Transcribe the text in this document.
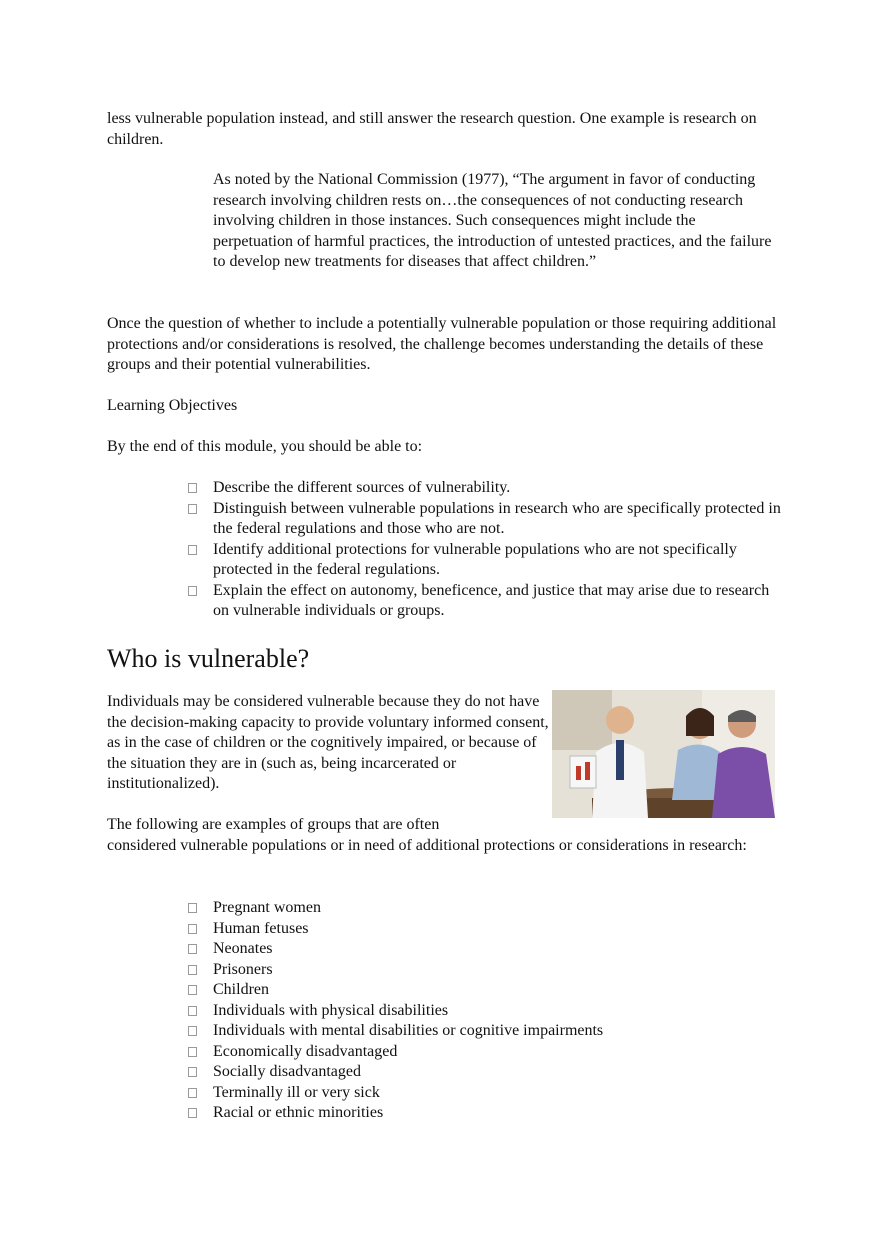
less vulnerable population instead, and still answer the research question. One example is research on children.

As noted by the National Commission (1977), “The argument in favor of conducting research involving children rests on…the consequences of not conducting research involving children in those instances. Such consequences might include the perpetuation of harmful practices, the introduction of untested practices, and the failure to develop new treatments for diseases that affect children.”

Once the question of whether to include a potentially vulnerable population or those requiring additional protections and/or considerations is resolved, the challenge becomes understanding the details of these groups and their potential vulnerabilities.

Learning Objectives

By the end of this module, you should be able to:

Describe the different sources of vulnerability.
Distinguish between vulnerable populations in research who are specifically protected in the federal regulations and those who are not.
Identify additional protections for vulnerable populations who are not specifically protected in the federal regulations.
Explain the effect on autonomy, beneficence, and justice that may arise due to research on vulnerable individuals or groups.
Who is vulnerable?

Individuals may be considered vulnerable because they do not have the decision-making capacity to provide voluntary informed consent, as in the case of children or the cognitively impaired, or because of the situation they are in (such as, being incarcerated or institutionalized).

The following are examples of groups that are often

considered vulnerable populations or in need of additional protections or considerations in research:

Pregnant women
Human fetuses
Neonates
Prisoners
Children
Individuals with physical disabilities
Individuals with mental disabilities or cognitive impairments
Economically disadvantaged
Socially disadvantaged
Terminally ill or very sick
Racial or ethnic minorities
